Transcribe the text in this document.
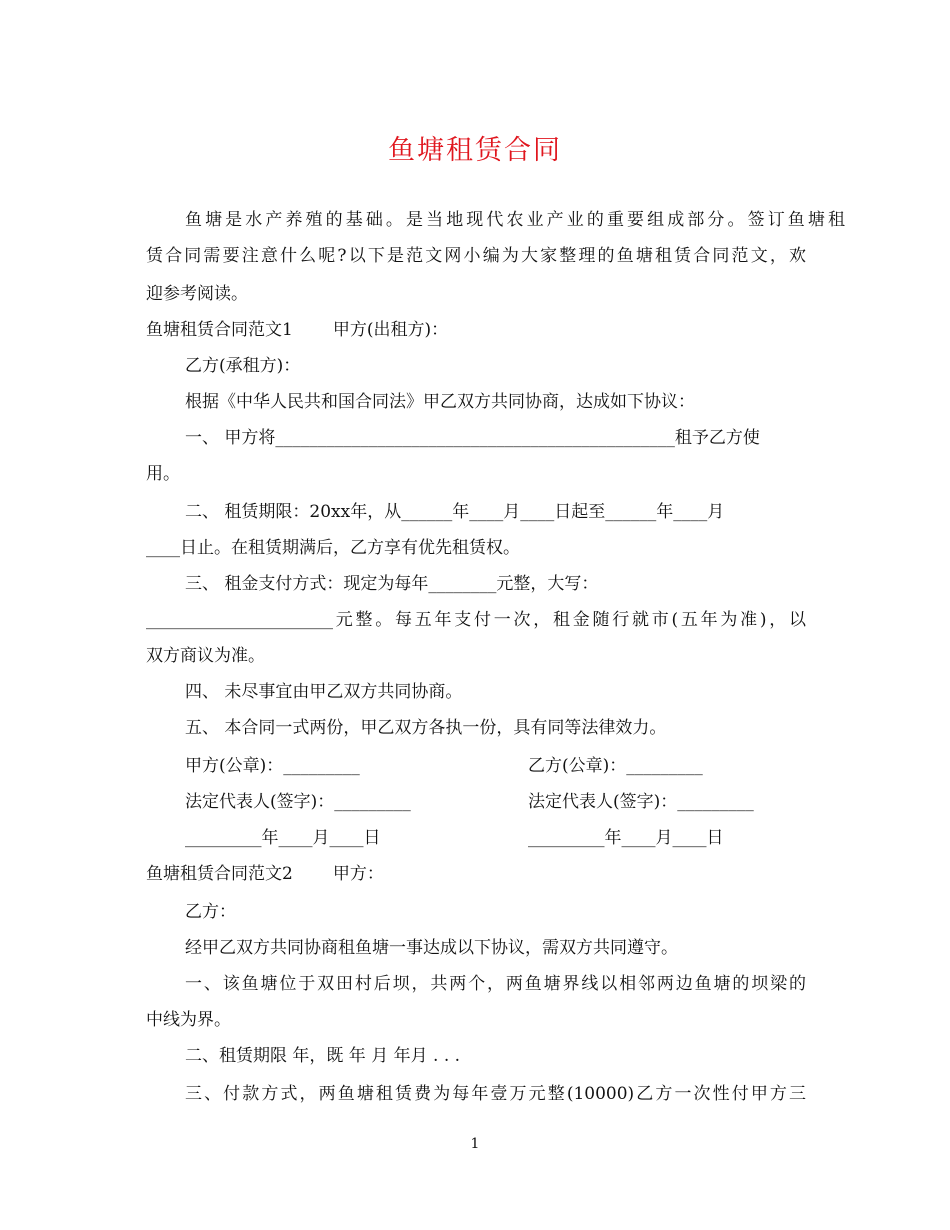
鱼塘租赁合同
鱼塘是水产养殖的基础。是当地现代农业产业的重要组成部分。签订鱼塘租
赁合同需要注意什么呢?以下是范文网小编为大家整理的鱼塘租赁合同范文，欢
迎参考阅读。
鱼塘租赁合同范文1 甲方(出租方)：
乙方(承租方)：
根据《中华人民共和国合同法》甲乙双方共同协商，达成如下协议：
一、 甲方将_______________________________________________租予乙方使
用。
二、 租赁期限：20xx年，从______年____月____日起至______年____月
____日止。在租赁期满后，乙方享有优先租赁权。
三、 租金支付方式：现定为每年________元整，大写：
______________________元整。每五年支付一次，租金随行就市(五年为准)，以
双方商议为准。
四、 未尽事宜由甲乙双方共同协商。
五、 本合同一式两份，甲乙双方各执一份，具有同等法律效力。
甲方(公章)：_________	乙方(公章)：_________
法定代表人(签字)：_________	法定代表人(签字)：_________
_________年____月____日	_________年____月____日
鱼塘租赁合同范文2 甲方：
乙方：
经甲乙双方共同协商租鱼塘一事达成以下协议，需双方共同遵守。
一、该鱼塘位于双田村后坝，共两个，两鱼塘界线以相邻两边鱼塘的坝梁的
中线为界。
二、租赁期限 年，既 年 月 年月 . . .
三、付款方式，两鱼塘租赁费为每年壹万元整(10000)乙方一次性付甲方三
1
